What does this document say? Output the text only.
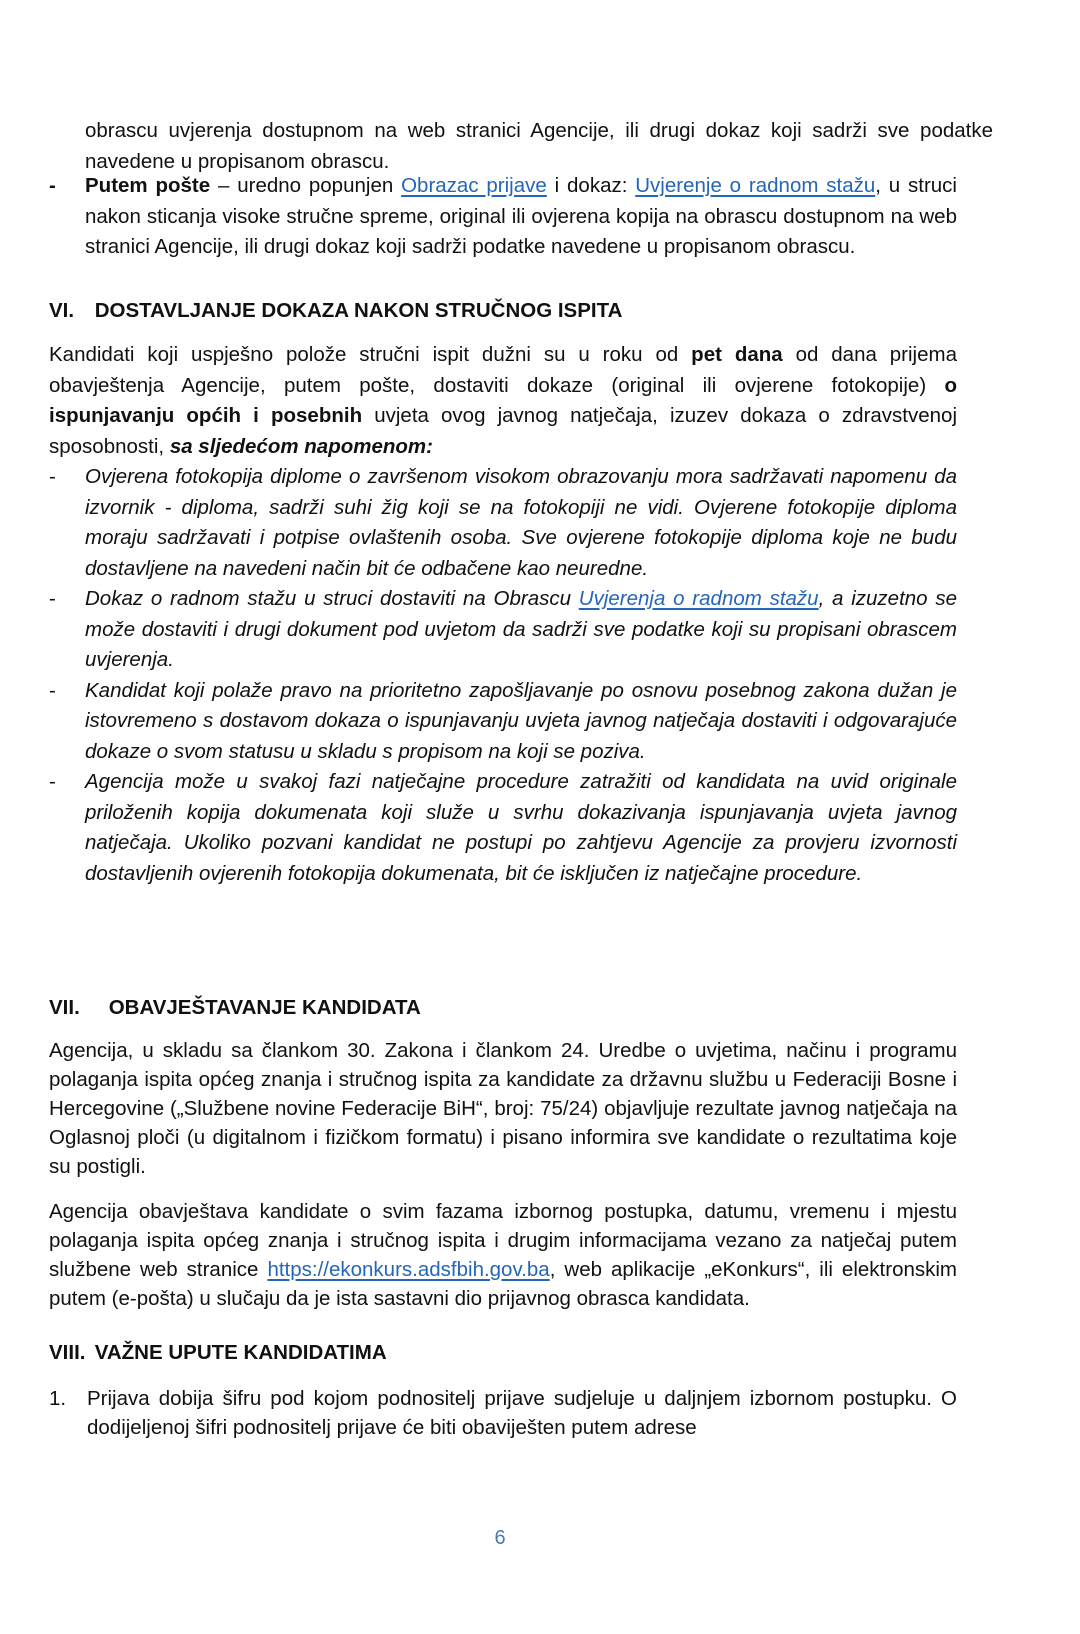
obrascu uvjerenja dostupnom na web stranici Agencije, ili drugi dokaz koji sadrži sve podatke navedene u propisanom obrascu.
-	Putem pošte – uredno popunjen Obrazac prijave i dokaz: Uvjerenje o radnom stažu, u struci nakon sticanja visoke stručne spreme, original ili ovjerena kopija na obrascu dostupnom na web stranici Agencije, ili drugi dokaz koji sadrži podatke navedene u propisanom obrascu.
VI. DOSTAVLJANJE DOKAZA NAKON STRUČNOG ISPITA
Kandidati koji uspješno polože stručni ispit dužni su u roku od pet dana od dana prijema obavještenja Agencije, putem pošte, dostaviti dokaze (original ili ovjerene fotokopije) o ispunjavanju općih i posebnih uvjeta ovog javnog natječaja, izuzev dokaza o zdravstvenoj sposobnosti, sa sljedećom napomenom:
-	Ovjerena fotokopija diplome o završenom visokom obrazovanju mora sadržavati napomenu da izvornik - diploma, sadrži suhi žig koji se na fotokopiji ne vidi. Ovjerene fotokopije diploma moraju sadržavati i potpise ovlaštenih osoba. Sve ovjerene fotokopije diploma koje ne budu dostavljene na navedeni način bit će odbačene kao neuredne.
-	Dokaz o radnom stažu u struci dostaviti na Obrascu Uvjerenja o radnom stažu, a izuzetno se može dostaviti i drugi dokument pod uvjetom da sadrži sve podatke koji su propisani obrascem uvjerenja.
-	Kandidat koji polaže pravo na prioritetno zapošljavanje po osnovu posebnog zakona dužan je istovremeno s dostavom dokaza o ispunjavanju uvjeta javnog natječaja dostaviti i odgovarajuće dokaze o svom statusu u skladu s propisom na koji se poziva.
-	Agencija može u svakoj fazi natječajne procedure zatražiti od kandidata na uvid originale priloženih kopija dokumenata koji služe u svrhu dokazivanja ispunjavanja uvjeta javnog natječaja. Ukoliko pozvani kandidat ne postupi po zahtjevu Agencije za provjeru izvornosti dostavljenih ovjerenih fotokopija dokumenata, bit će isključen iz natječajne procedure.
VII. OBAVJEŠTAVANJE KANDIDATA
Agencija, u skladu sa člankom 30. Zakona i člankom 24. Uredbe o uvjetima, načinu i programu polaganja ispita općeg znanja i stručnog ispita za kandidate za državnu službu u Federaciji Bosne i Hercegovine („Službene novine Federacije BiH“, broj: 75/24) objavljuje rezultate javnog natječaja na Oglasnoj ploči (u digitalnom i fizičkom formatu) i pisano informira sve kandidate o rezultatima koje su postigli.
Agencija obavještava kandidate o svim fazama izbornog postupka, datumu, vremenu i mjestu polaganja ispita općeg znanja i stručnog ispita i drugim informacijama vezano za natječaj putem službene web stranice https://ekonkurs.adsfbih.gov.ba, web aplikacije „eKonkurs“, ili elektronskim putem (e-pošta) u slučaju da je ista sastavni dio prijavnog obrasca kandidata.
VIII. VAŽNE UPUTE KANDIDATIMA
1. Prijava dobija šifru pod kojom podnositelj prijave sudjeluje u daljnjem izbornom postupku. O dodijeljenoj šifri podnositelj prijave će biti obaviješten putem adrese
6
